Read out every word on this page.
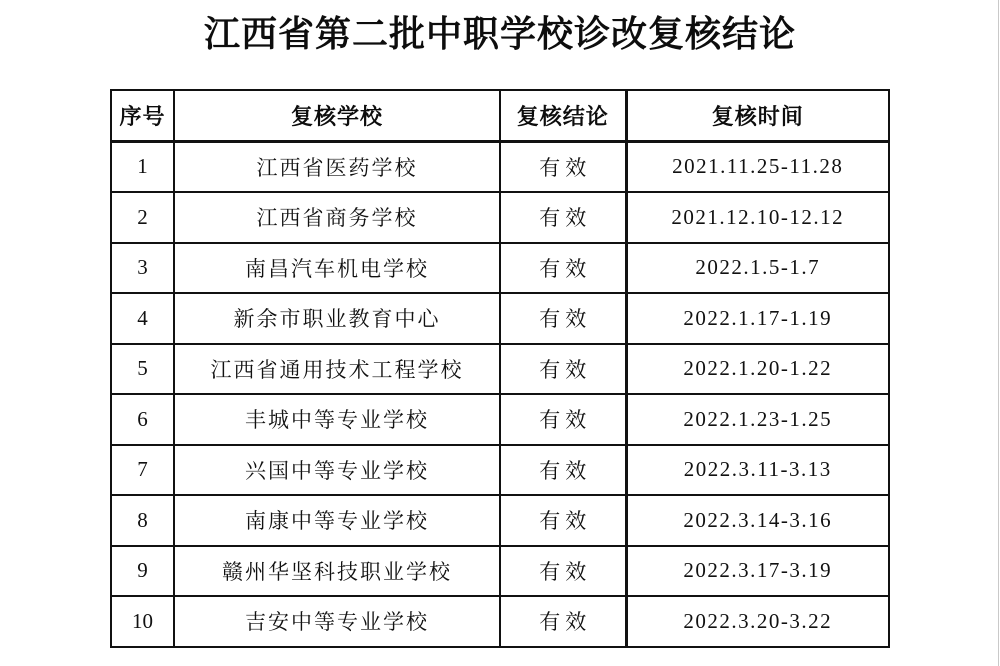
江西省第二批中职学校诊改复核结论
序号	复核学校	复核结论	复核时间
1	江西省医药学校	有效	2021.11.25-11.28
2	江西省商务学校	有效	2021.12.10-12.12
3	南昌汽车机电学校	有效	2022.1.5-1.7
4	新余市职业教育中心	有效	2022.1.17-1.19
5	江西省通用技术工程学校	有效	2022.1.20-1.22
6	丰城中等专业学校	有效	2022.1.23-1.25
7	兴国中等专业学校	有效	2022.3.11-3.13
8	南康中等专业学校	有效	2022.3.14-3.16
9	赣州华坚科技职业学校	有效	2022.3.17-3.19
10	吉安中等专业学校	有效	2022.3.20-3.22
